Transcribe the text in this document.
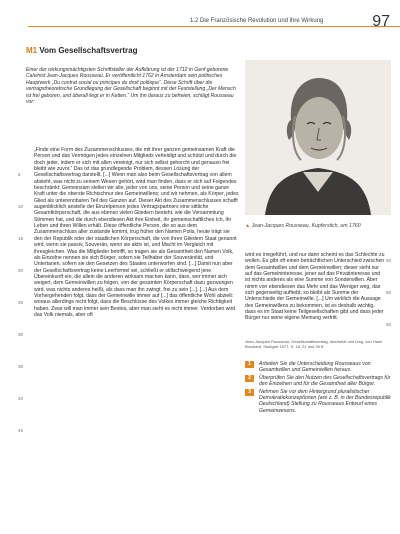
1.2 Die Französische Revolution und ihre Wirkung	97
M1 Vom Gesellschaftsvertrag
Einer der wirkungsmächtigsten Schriftsteller der Aufklärung ist der 1712 in Genf geborene Calvinist Jean-Jacques Rousseau. Er veröffentlicht 1762 in Amsterdam sein politisches Hauptwerk „Du contrat social ou principes du droit politique“. Diese Schrift über die vertragstheoretische Grundlegung der Gesellschaft beginnt mit der Feststellung „Der Mensch ist frei geboren, und überall liegt er in Ketten.“ Um ihn daraus zu befreien, schlägt Rousseau vor:
▲ Jean-Jacques Rousseau. Kupferstich, um 1760
5
10
15
20
25
30
35
40
45
„Finde eine Form des Zusammenschlusses, die mit ihrer ganzen gemeinsamen Kraft die Person und das Vermögen jedes einzelnen Mitglieds verteidigt und schützt und durch die doch jeder, indem er sich mit allen vereinigt, nur sich selbst gehorcht und genauso frei bleibt wie zuvor.“ Das ist das grundlegende Problem, dessen Lösung der Gesellschaftsvertrag darstellt. [...] Wenn man also beim Gesellschaftsvertrag von allem absieht, was nicht zu seinem Wesen gehört, wird man finden, dass er sich auf Folgendes beschränkt: Gemeinsam stellen wir alle, jeder von uns, seine Person und seine ganze Kraft unter die oberste Richtschnur des Gemeinwillens; und wir nehmen, als Körper, jedes Glied als unterennbaren Teil des Ganzen auf. Dieser Akt des Zusammenschlusses schafft augenblicklich anstelle der Einzelperson jedes Vertragspartners eine sittliche Gesamtkörperschaft, die aus ebenso vielen Gliedern besteht, wie die Versammlung Stimmen hat, und die durch ebendiesen Akt ihre Einheit, ihr gemeinschaftliches Ich, ihr Leben und ihren Willen erhält. Diese öffentliche Person, die so aus dem Zusammenschluss aller zustande kommt, trug früher den Namen Polis, heute trägt sie den der Republik oder der staatlichen Körperschaft, die von ihren Gliedern Staat genannt wird, wenn sie passiv, Souverän, wenn sie aktiv ist, und Macht im Vergleich mit ihresgleichen. Was die Mitglieder betrifft, so tragen sie als Gesamtheit den Namen Volk, als Einzelne nennen sie sich Bürger, sofern sie Teilhaber der Souveränität, und Untertanen, sofern sie den Gesetzen des Staates unterworfen sind. [...] Damit nun aber der Gesellschaftsvertrag keine Leerformel sei, schließt er stillschweigend jene Übereinkunft ein, die allein die anderen wirksam machen kann, dass, wer immer sich weigert, dem Gemeinwillen zu folgen, von der gesamten Körperschaft dazu gezwungen wird, was nichts anderes heißt, als dass man ihn zwingt, frei zu sein [...]. [...] Aus dem Vorhergehenden folgt, dass der Gemeinwille immer auf [...] das öffentliche Wohl abzielt: woraus allerdings nicht folgt, dass die Beschlüsse des Volkes immer gleiche Richtigkeit haben. Zwar will man immer sein Bestes, aber man sieht es nicht immer. Verdorben wird das Volk niemals, aber oft
wird es irregeführt, und nur dann scheint es das Schlechte zu wollen. Es gibt oft einen beträchtlichen Unterschied zwischen dem Gesamtwillen und dem Gemeinwillen; dieser sieht nur auf das Gemeininteresse, jener auf das Privatinteresse und ist nichts anderes als eine Summe von Sonderwillen. Aber nimm von ebendiesen das Mehr und das Weniger weg, das sich gegenseitig aufhebt, so bleibt als Summe der Unterschiede der Gemeinwille. [...] Um wirklich die Aussage des Gemeinwillens zu bekommen, ist es deshalb wichtig, dass es im Staat keine Teilgesellschaften gibt und dass jeder Bürger nur seine eigene Meinung vertritt.
50
55
60
Jean-Jacques Rousseau, Gesellschaftsvertrag, übersetzt und hrsg. von Hans Brockard, Stuttgart 1977, S. 16, 21 und 30 ff.
1	Arbeiten Sie die Unterscheidung Rousseaus von Gesamtwillen und Gemeinwillen heraus.
2	Überprüfen Sie den Nutzen des Gesellschaftsvertrags für den Einzelnen und für die Gesamtheit aller Bürger.
3	Nehmen Sie vor dem Hintergrund pluralistischer Demokratiekonzeptionen (wie z. B. in der Bundesrepublik Deutschland) Stellung zu Rousseaus Entwurf eines Gemeinwesens.
